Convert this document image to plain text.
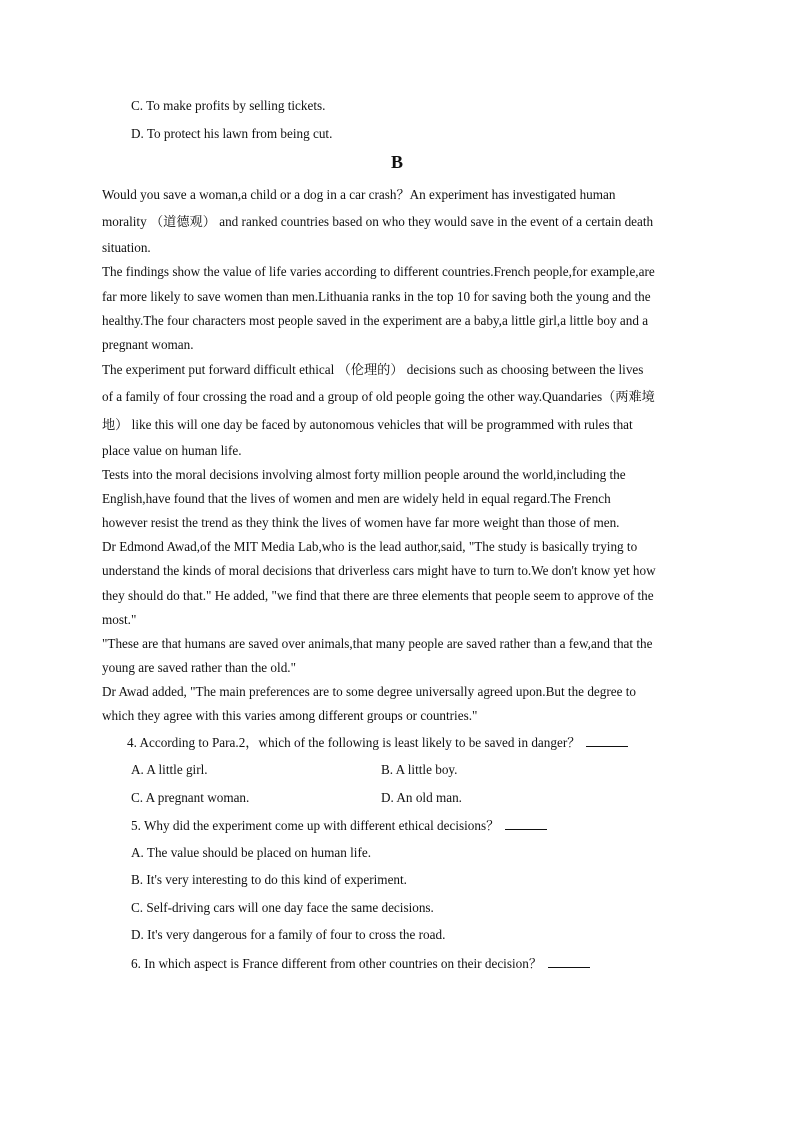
C. To make profits by selling tickets.
D. To protect his lawn from being cut.
B
Would you save a woman,a child or a dog in a car crash？An experiment has investigated human
morality （道德观） and ranked countries based on who they would save in the event of a certain death
situation.
The findings show the value of life varies according to different countries.French people,for example,are
far more likely to save women than men.Lithuania ranks in the top 10 for saving both the young and the
healthy.The four characters most people saved in the experiment are a baby,a little girl,a little boy and a
pregnant woman.
The experiment put forward difficult ethical （伦理的） decisions such as choosing between the lives
of a family of four crossing the road and a group of old people going the other way.Quandaries（两难境
地） like this will one day be faced by autonomous vehicles that will be programmed with rules that
place value on human life.
Tests into the moral decisions involving almost forty million people around the world,including the
English,have found that the lives of women and men are widely held in equal regard.The French
however resist the trend as they think the lives of women have far more weight than those of men.
Dr Edmond Awad,of the MIT Media Lab,who is the lead author,said, "The study is basically trying to
understand the kinds of moral decisions that driverless cars might have to turn to.We don't know yet how
they should do that." He added, "we find that there are three elements that people seem to approve of the
most."
"These are that humans are saved over animals,that many people are saved rather than a few,and that the
young are saved rather than the old."
Dr Awad added, "The main preferences are to some degree universally agreed upon.But the degree to
which they agree with this varies among different groups or countries."
4. According to Para.2，which of the following is least likely to be saved in danger？
A. A little girl.	B. A little boy.
C. A pregnant woman.	D. An old man.
5. Why did the experiment come up with different ethical decisions？
A. The value should be placed on human life.
B. It's very interesting to do this kind of experiment.
C. Self-driving cars will one day face the same decisions.
D. It's very dangerous for a family of four to cross the road.
6. In which aspect is France different from other countries on their decision？
